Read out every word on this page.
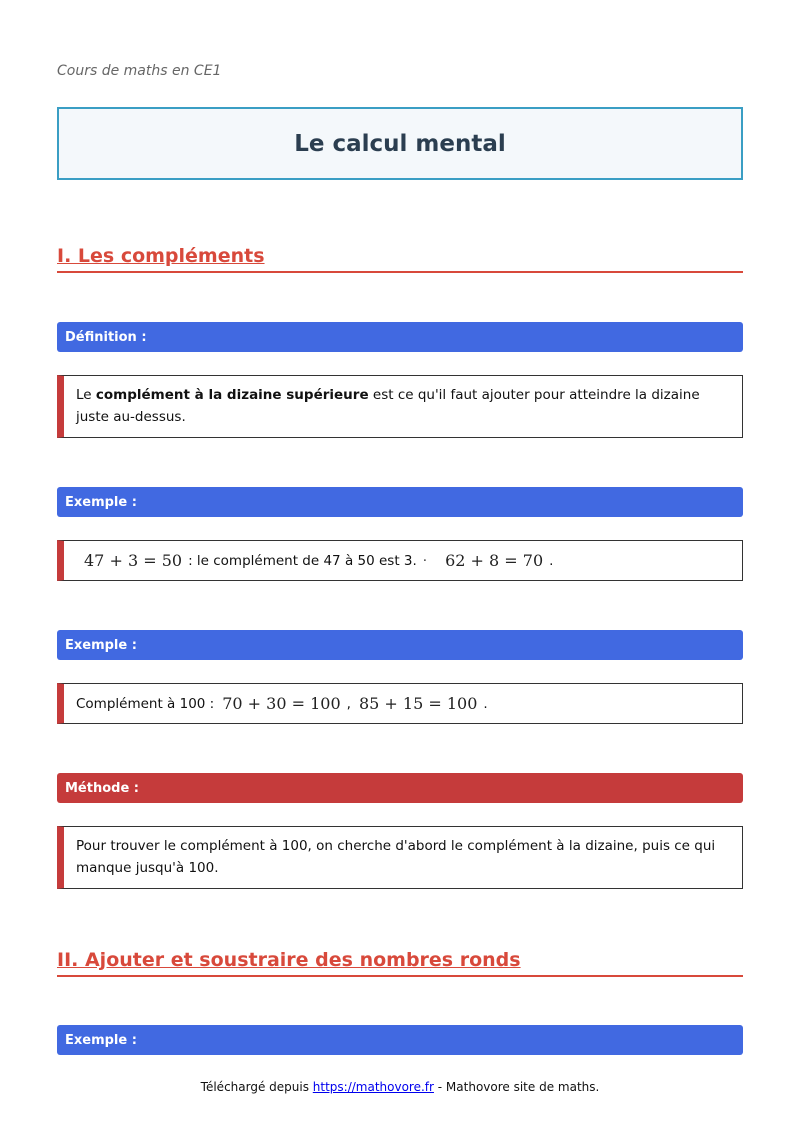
Cours de maths en CE1
Le calcul mental
I. Les compléments
Définition :
Le complément à la dizaine supérieure est ce qu'il faut ajouter pour atteindre la dizaine juste au-dessus.
Exemple :
47 + 3 = 50 : le complément de 47 à 50 est 3. · 62 + 8 = 70 .
Exemple :
Complément à 100 : 70 + 30 = 100 , 85 + 15 = 100 .
Méthode :
Pour trouver le complément à 100, on cherche d'abord le complément à la dizaine, puis ce qui manque jusqu'à 100.
II. Ajouter et soustraire des nombres ronds
Exemple :
Téléchargé depuis https://mathovore.fr - Mathovore site de maths.
